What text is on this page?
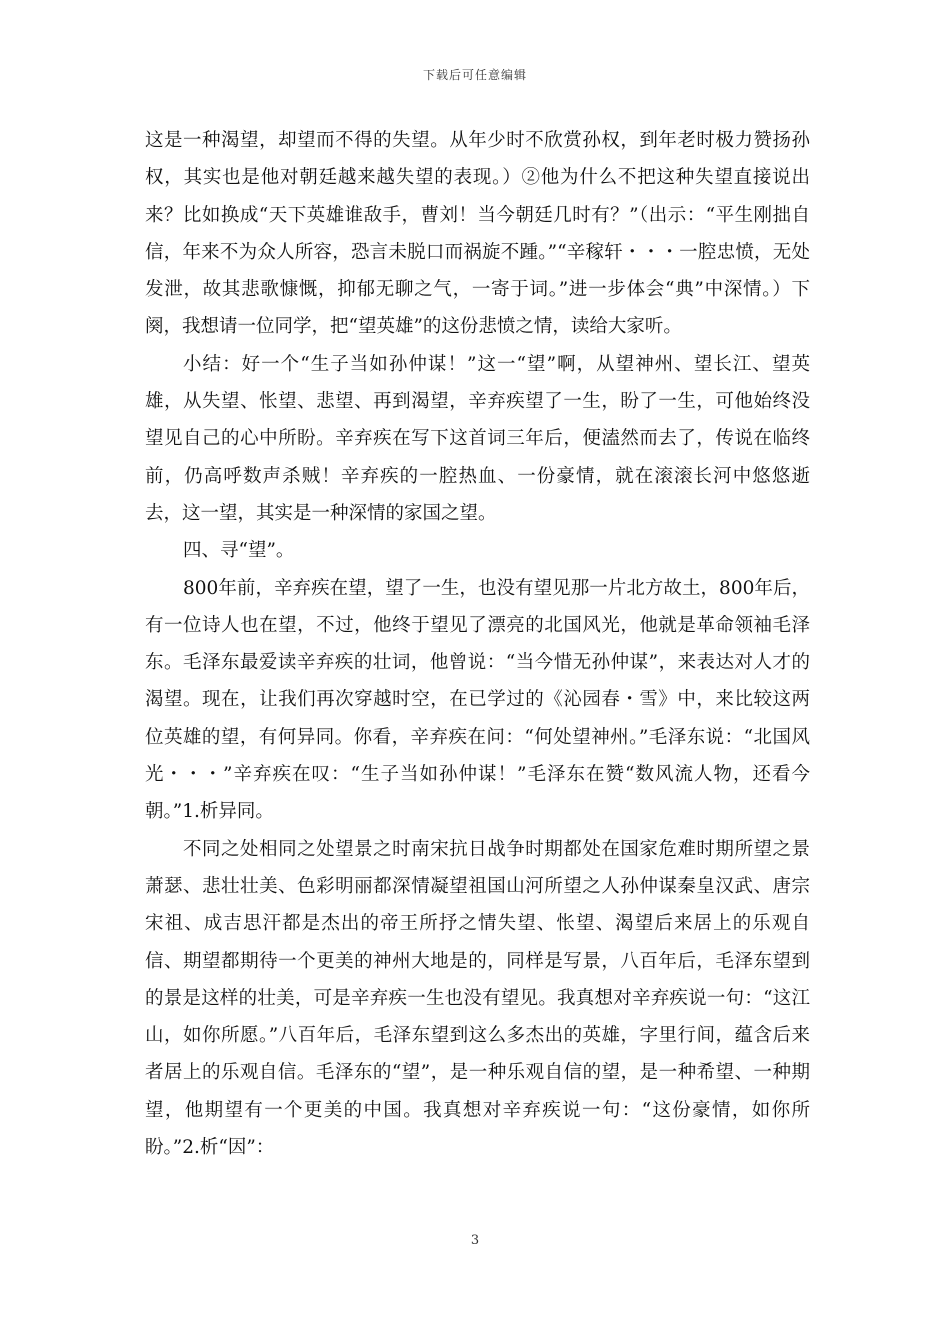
下载后可任意编辑

这是一种渴望，却望而不得的失望。从年少时不欣赏孙权，到年老时极力赞扬孙权，其实也是他对朝廷越来越失望的表现。）②他为什么不把这种失望直接说出来？比如换成“天下英雄谁敌手，曹刘！当今朝廷几时有？”（出示：“平生刚拙自信，年来不为众人所容，恐言未脱口而祸旋不踵。”“辛稼轩・・・一腔忠愤，无处发泄，故其悲歌慷慨，抑郁无聊之气，一寄于词。”进一步体会“典”中深情。）下阕，我想请一位同学，把“望英雄”的这份悲愤之情，读给大家听。

小结：好一个“生子当如孙仲谋！”这一“望”啊，从望神州、望长江、望英雄，从失望、怅望、悲望、再到渴望，辛弃疾望了一生，盼了一生，可他始终没望见自己的心中所盼。辛弃疾在写下这首词三年后，便溘然而去了，传说在临终前，仍高呼数声杀贼！辛弃疾的一腔热血、一份豪情，就在滚滚长河中悠悠逝去，这一望，其实是一种深情的家国之望。

四、寻“望”。

800年前，辛弃疾在望，望了一生，也没有望见那一片北方故土，800年后，有一位诗人也在望，不过，他终于望见了漂亮的北国风光，他就是革命领袖毛泽东。毛泽东最爱读辛弃疾的壮词，他曾说：“当今惜无孙仲谋”，来表达对人才的渴望。现在，让我们再次穿越时空，在已学过的《沁园春・雪》中，来比较这两位英雄的望，有何异同。你看，辛弃疾在问：“何处望神州。”毛泽东说：“北国风光・・・”辛弃疾在叹：“生子当如孙仲谋！”毛泽东在赞“数风流人物，还看今朝。”1.析异同。

不同之处相同之处望景之时南宋抗日战争时期都处在国家危难时期所望之景萧瑟、悲壮壮美、色彩明丽都深情凝望祖国山河所望之人孙仲谋秦皇汉武、唐宗宋祖、成吉思汗都是杰出的帝王所抒之情失望、怅望、渴望后来居上的乐观自信、期望都期待一个更美的神州大地是的，同样是写景，八百年后，毛泽东望到的景是这样的壮美，可是辛弃疾一生也没有望见。我真想对辛弃疾说一句：“这江山，如你所愿。”八百年后，毛泽东望到这么多杰出的英雄，字里行间，蕴含后来者居上的乐观自信。毛泽东的“望”，是一种乐观自信的望，是一种希望、一种期望，他期望有一个更美的中国。我真想对辛弃疾说一句：“这份豪情，如你所盼。”2.析“因”：

3
